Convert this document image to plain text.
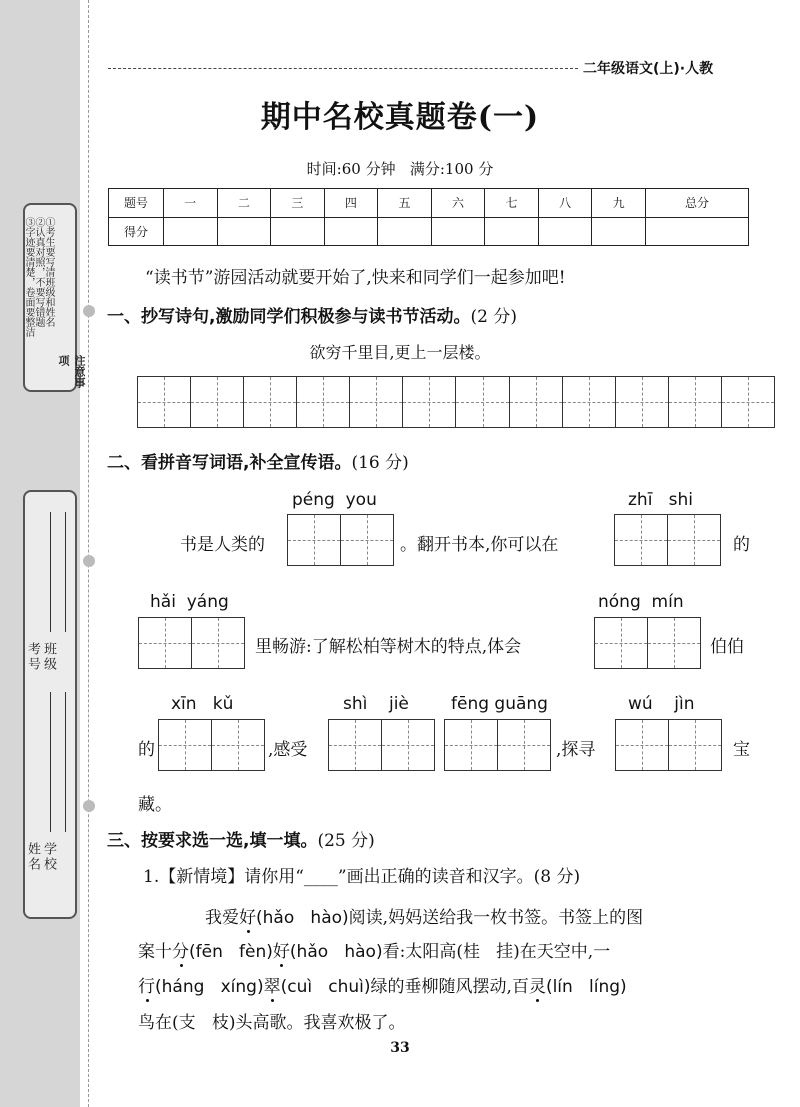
注意事项
①考生要写清班级和姓名
②认真对照，不要写错题
③字迹要清楚，卷面要整洁
班级
考号
学校
姓名
二年级语文(上)·人教
期中名校真题卷(一)
时间:60 分钟   满分:100 分
题号	一	二	三	四	五	六	七	八	九	总分
得分										
“读书节”游园活动就要开始了,快来和同学们一起参加吧!
一、抄写诗句,激励同学们积极参与读书节活动。(2 分)
欲穷千里目,更上一层楼。
二、看拼音写词语,补全宣传语。(16 分)
péng  you	zhī   shi
书是人类的	。翻开书本,你可以在	的
hǎi  yáng	nóng  mín
里畅游:了解松柏等树木的特点,体会	伯伯
xīn   kǔ	shì    jiè fēng guāng	wú    jìn
的	,感受	,探寻	宝
藏。
三、按要求选一选,填一填。(25 分)
1.【新情境】请你用“____”画出正确的读音和汉字。(8 分)
我爱好(hǎo   hào)阅读,妈妈送给我一枚书签。书签上的图
案十分(fēn   fèn)好(hǎo   hào)看:太阳高(桂   挂)在天空中,一
行(háng   xíng)翠(cuì   chuì)绿的垂柳随风摆动,百灵(lín   líng)
鸟在(支   枝)头高歌。我喜欢极了。
33
